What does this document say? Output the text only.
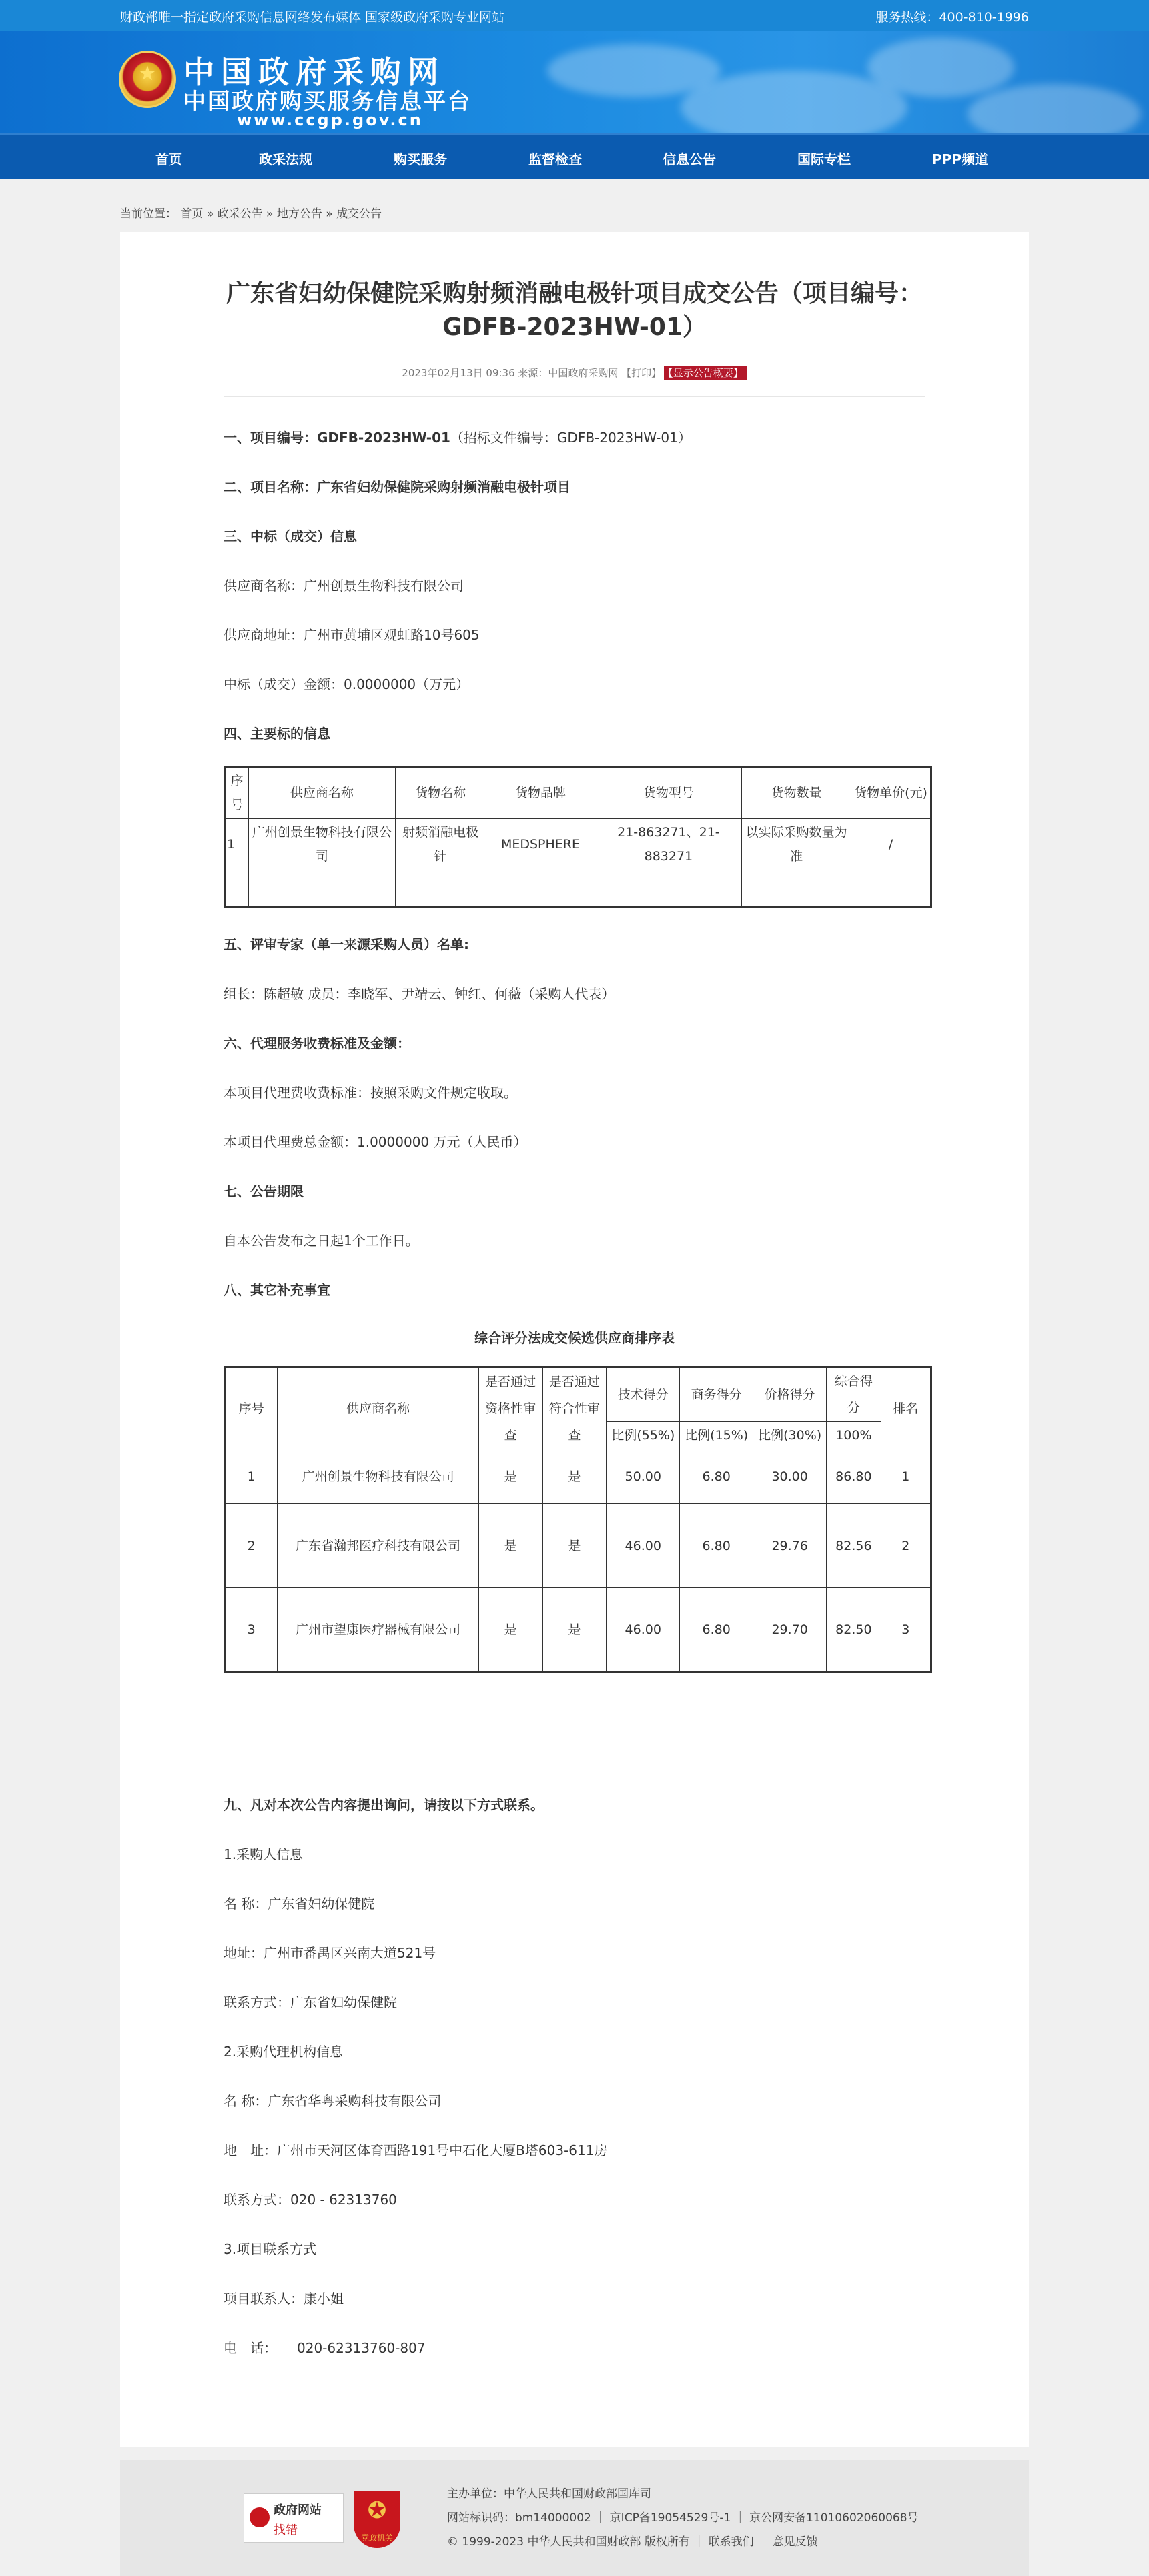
财政部唯一指定政府采购信息网络发布媒体 国家级政府采购专业网站	服务热线：400-810-1996
★ 中国政府采购网
中国政府购买服务信息平台
www.ccgp.gov.cn
首页	政采法规	购买服务	监督检查	信息公告	国际专栏	PPP频道
当前位置： 首页 » 政采公告 » 地方公告 » 成交公告
广东省妇幼保健院采购射频消融电极针项目成交公告（项目编号：GDFB-2023HW-01）
2023年02月13日 09:36 来源：中国政府采购网 【打印】 【显示公告概要】
一、项目编号：GDFB-2023HW-01（招标文件编号：GDFB-2023HW-01）
二、项目名称：广东省妇幼保健院采购射频消融电极针项目
三、中标（成交）信息
供应商名称：广州创景生物科技有限公司
供应商地址：广州市黄埔区观虹路10号605
中标（成交）金额：0.0000000（万元）
四、主要标的信息
序号	供应商名称	货物名称	货物品牌	货物型号	货物数量	货物单价(元)
1	广州创景生物科技有限公司	射频消融电极针	MEDSPHERE	21-863271、21-883271	以实际采购数量为准	/

五、评审专家（单一来源采购人员）名单:
组长：陈超敏 成员：李晓军、尹靖云、钟红、何薇（采购人代表）
六、代理服务收费标准及金额：
本项目代理费收费标准：按照采购文件规定收取。
本项目代理费总金额：1.0000000 万元（人民币）
七、公告期限
自本公告发布之日起1个工作日。
八、其它补充事宜
综合评分法成交候选供应商排序表
序号	供应商名称	是否通过资格性审查	是否通过符合性审查	技术得分	商务得分	价格得分	综合得分	排名
				比例(55%)	比例(15%)	比例(30%)	100%	
1	广州创景生物科技有限公司	是	是	50.00	6.80	30.00	86.80	1
2	广东省瀚邦医疗科技有限公司	是	是	46.00	6.80	29.76	82.56	2
3	广州市望康医疗器械有限公司	是	是	46.00	6.80	29.70	82.50	3
九、凡对本次公告内容提出询问，请按以下方式联系。
1.采购人信息
名 称：广东省妇幼保健院
地址：广州市番禺区兴南大道521号
联系方式：广东省妇幼保健院
2.采购代理机构信息
名 称：广东省华粤采购科技有限公司
地　址：广州市天河区体育西路191号中石化大厦B塔603-611房
联系方式：020 - 62313760
3.项目联系方式
项目联系人：康小姐
电　话：　　020-62313760-807
政府网站
找错
✪
党政机关
主办单位：中华人民共和国财政部国库司
网站标识码：bm14000002 ｜ 京ICP备19054529号-1 ｜ 京公网安备11010602060068号
© 1999-2023 中华人民共和国财政部 版权所有 ｜ 联系我们 ｜ 意见反馈
